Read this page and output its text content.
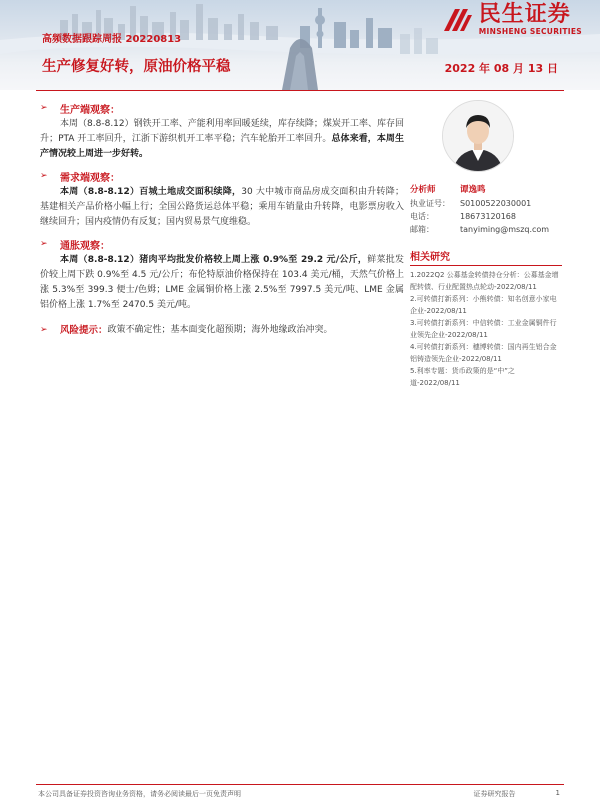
民生证券
MINSHENG SECURITIES
高频数据跟踪周报 20220813
生产修复好转，原油价格平稳	2022 年 08 月 13 日
➢	生产端观察：

本周（8.8-8.12）钢铁开工率、产能利用率回暖延续，库存续降；煤炭开工率、库存回升；PTA 开工率回升，江浙下游织机开工率平稳；汽车轮胎开工率回升。总体来看，本周生产情况较上周进一步好转。

➢	需求端观察：

本周（8.8-8.12）百城土地成交面积续降，30 大中城市商品房成交面积由升转降；基建相关产品价格小幅上行；全国公路货运总体平稳；乘用车销量由升转降，电影票房收入继续回升；国内疫情仍有反复；国内贸易景气度维稳。

➢	通胀观察：

本周（8.8-8.12）猪肉平均批发价格较上周上涨 0.9%至 29.2 元/公斤，鲜菜批发价较上周下跌 0.9%至 4.5 元/公斤；布伦特原油价格保持在 103.4 美元/桶，天然气价格上涨 5.3%至 399.3 便士/色姆；LME 金属铜价格上涨 2.5%至 7997.5 美元/吨、LME 金属铝价格上涨 1.7%至 2470.5 美元/吨。

➢	风险提示： 政策不确定性；基本面变化超预期；海外地缘政治冲突。
分析师	谭逸鸣
执业证号：	S0100522030001
电话：	18673120168
邮箱：	tanyiming@mszq.com
相关研究
1.2022Q2 公募基金转债持仓分析：公募基金增配转债、行业配置热点轮动-2022/08/11
2.可转债打新系列：小熊转债：知名创意小家电企业-2022/08/11
3.可转债打新系列：中信转债：工业金属铜件行业领先企业-2022/08/11
4.可转债打新系列：穗博转债：国内再生铝合金铝铸造领先企业-2022/08/11
5.利率专题：货币政策的是“中”之道-2022/08/11
本公司具备证券投资咨询业务资格，请务必阅读最后一页免责声明	证券研究报告	1
